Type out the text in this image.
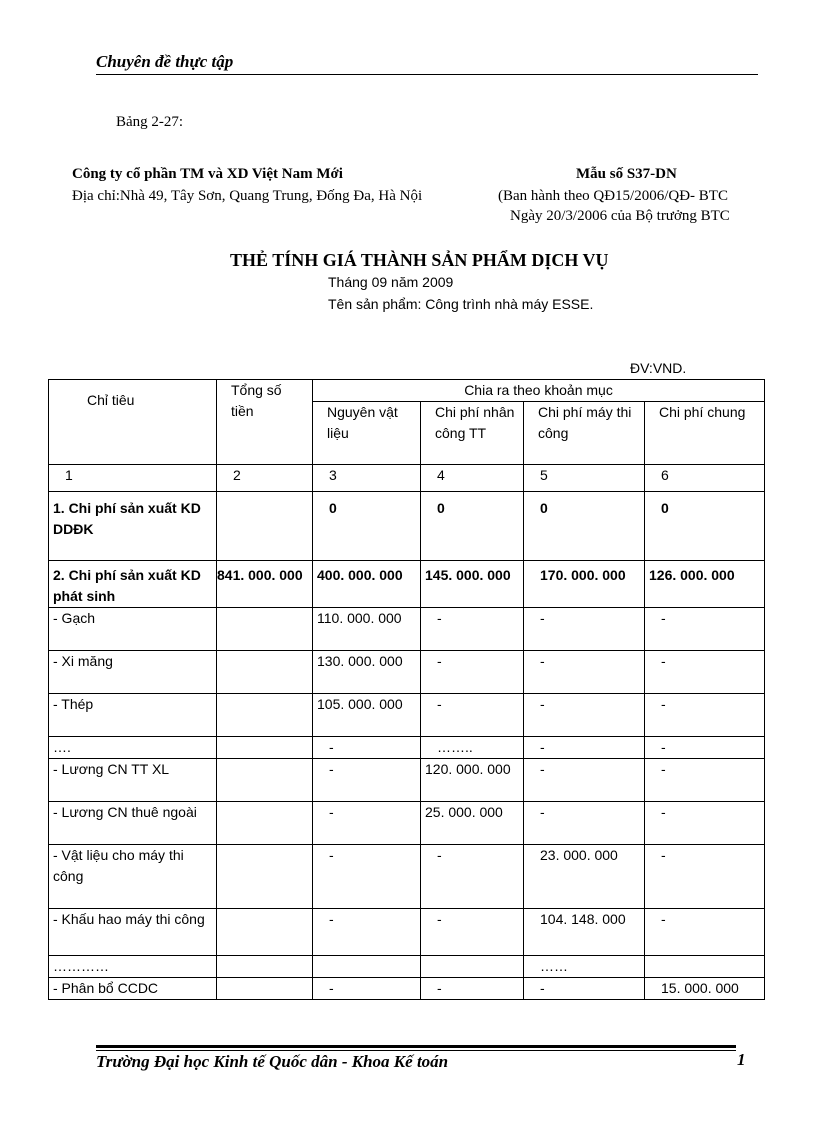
Chuyên đề thực tập
Bảng 2-27:
Công ty cổ phần TM và XD Việt Nam Mới
Địa chỉ:Nhà 49, Tây Sơn, Quang Trung, Đống Đa, Hà Nội
Mẫu số S37-DN
(Ban hành theo QĐ15/2006/QĐ- BTC
Ngày 20/3/2006 của Bộ trưởng BTC
THẺ TÍNH GIÁ THÀNH SẢN PHẨM DỊCH VỤ
Tháng 09 năm 2009
Tên sản phẩm: Công trình nhà máy ESSE.
ĐV:VND.
Chỉ tiêu	Tổng số tiền	Chia ra theo khoản mục			
		Nguyên vật liệu	Chi phí nhân công TT	Chi phí máy thi công	Chi phí chung
1	2	3	4	5	6
1. Chi phí sản xuất KD DDĐK		0	0	0	0
2. Chi phí sản xuất KD phát sinh	841. 000. 000	400. 000. 000	145. 000. 000	170. 000. 000	126. 000. 000
- Gạch		110. 000. 000	-	-	-
- Xi măng		130. 000. 000	-	-	-
- Thép		105. 000. 000	-	-	-
….		-	……..	-	-
- Lương CN TT XL		-	120. 000. 000	-	-
- Lương CN thuê ngoài		-	25. 000. 000	-	-
- Vật liệu cho máy thi công		-	-	23. 000. 000	-
- Khấu hao máy thi công		-	-	104. 148. 000	-
…………				……	
- Phân bổ CCDC		-	-	-	15. 000. 000
Trường Đại học Kinh tế Quốc dân - Khoa Kế toán	1
